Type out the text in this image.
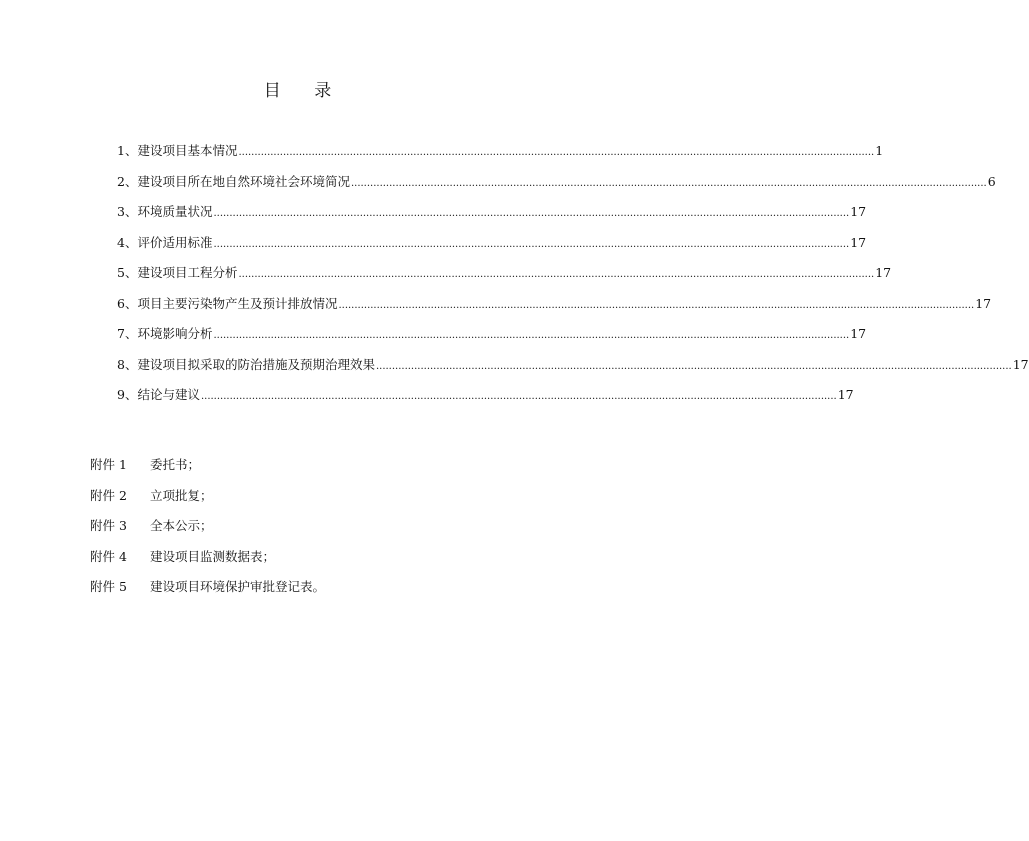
目 录
1、建设项目基本情况 ........................................................................................................................................................................................................ 1
2、建设项目所在地自然环境社会环境简况 ........................................................................................................................................................................................................ 6
3、环境质量状况 ........................................................................................................................................................................................................ 17
4、评价适用标准 ........................................................................................................................................................................................................ 17
5、建设项目工程分析 ........................................................................................................................................................................................................ 17
6、项目主要污染物产生及预计排放情况 ........................................................................................................................................................................................................ 17
7、环境影响分析 ........................................................................................................................................................................................................ 17
8、建设项目拟采取的防治措施及预期治理效果 ........................................................................................................................................................................................................ 17
9、结论与建议 ........................................................................................................................................................................................................ 17
附件 1	委托书；
附件 2	立项批复；
附件 3	全本公示；
附件 4	建设项目监测数据表；
附件 5	建设项目环境保护审批登记表。
